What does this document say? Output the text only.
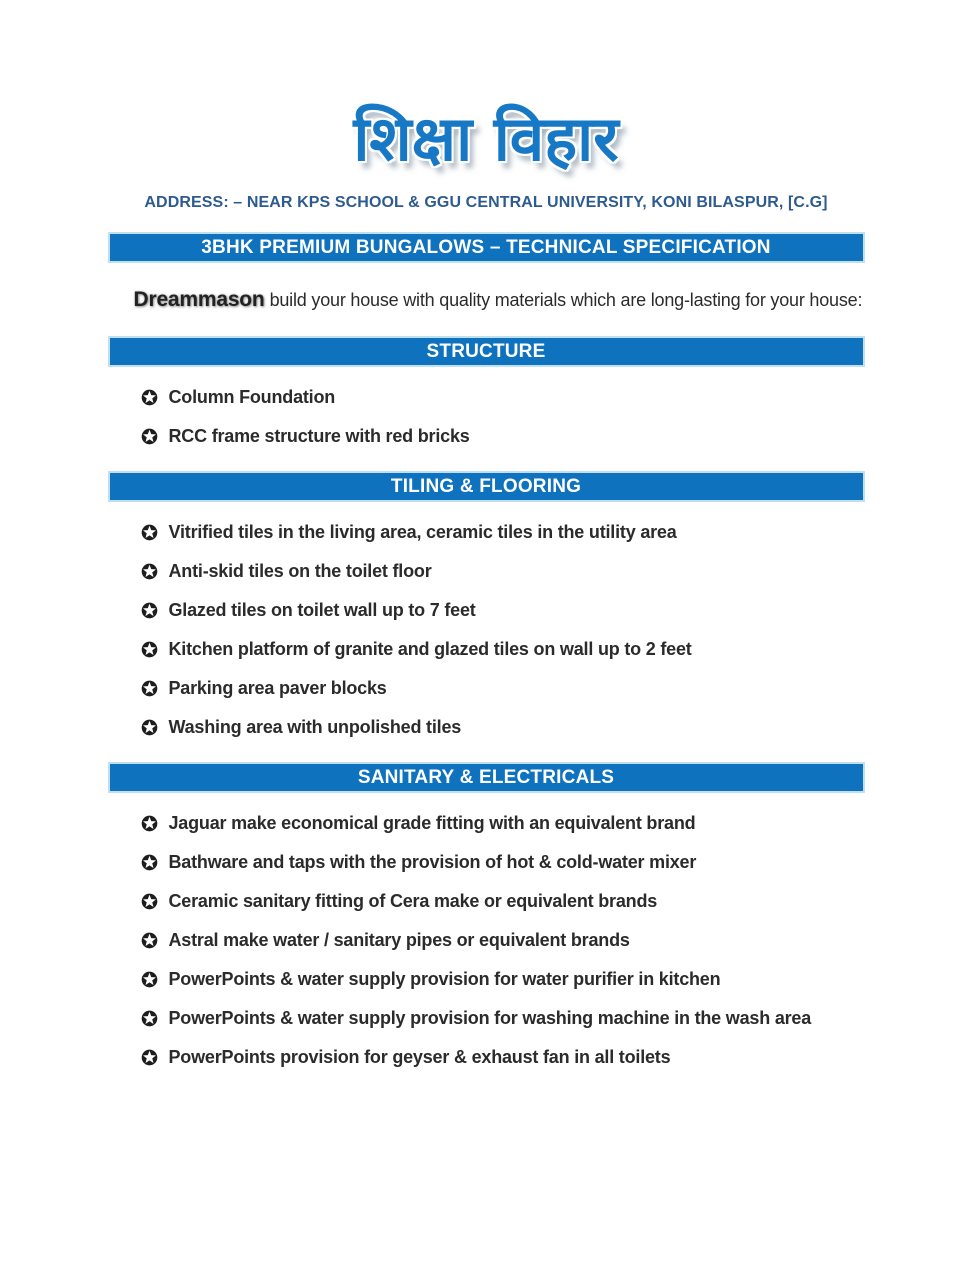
शिक्षा विहार
ADDRESS: – NEAR KPS SCHOOL & GGU CENTRAL UNIVERSITY, KONI BILASPUR, [C.G]
3BHK PREMIUM BUNGALOWS – TECHNICAL SPECIFICATION

Dreammason build your house with quality materials which are long-lasting for your house:

STRUCTURE
Column Foundation
RCC frame structure with red bricks
TILING & FLOORING
Vitrified tiles in the living area, ceramic tiles in the utility area
Anti-skid tiles on the toilet floor
Glazed tiles on toilet wall up to 7 feet
Kitchen platform of granite and glazed tiles on wall up to 2 feet
Parking area paver blocks
Washing area with unpolished tiles
SANITARY & ELECTRICALS
Jaguar make economical grade fitting with an equivalent brand
Bathware and taps with the provision of hot & cold-water mixer
Ceramic sanitary fitting of Cera make or equivalent brands
Astral make water / sanitary pipes or equivalent brands
PowerPoints & water supply provision for water purifier in kitchen
PowerPoints & water supply provision for washing machine in the wash area
PowerPoints provision for geyser & exhaust fan in all toilets
